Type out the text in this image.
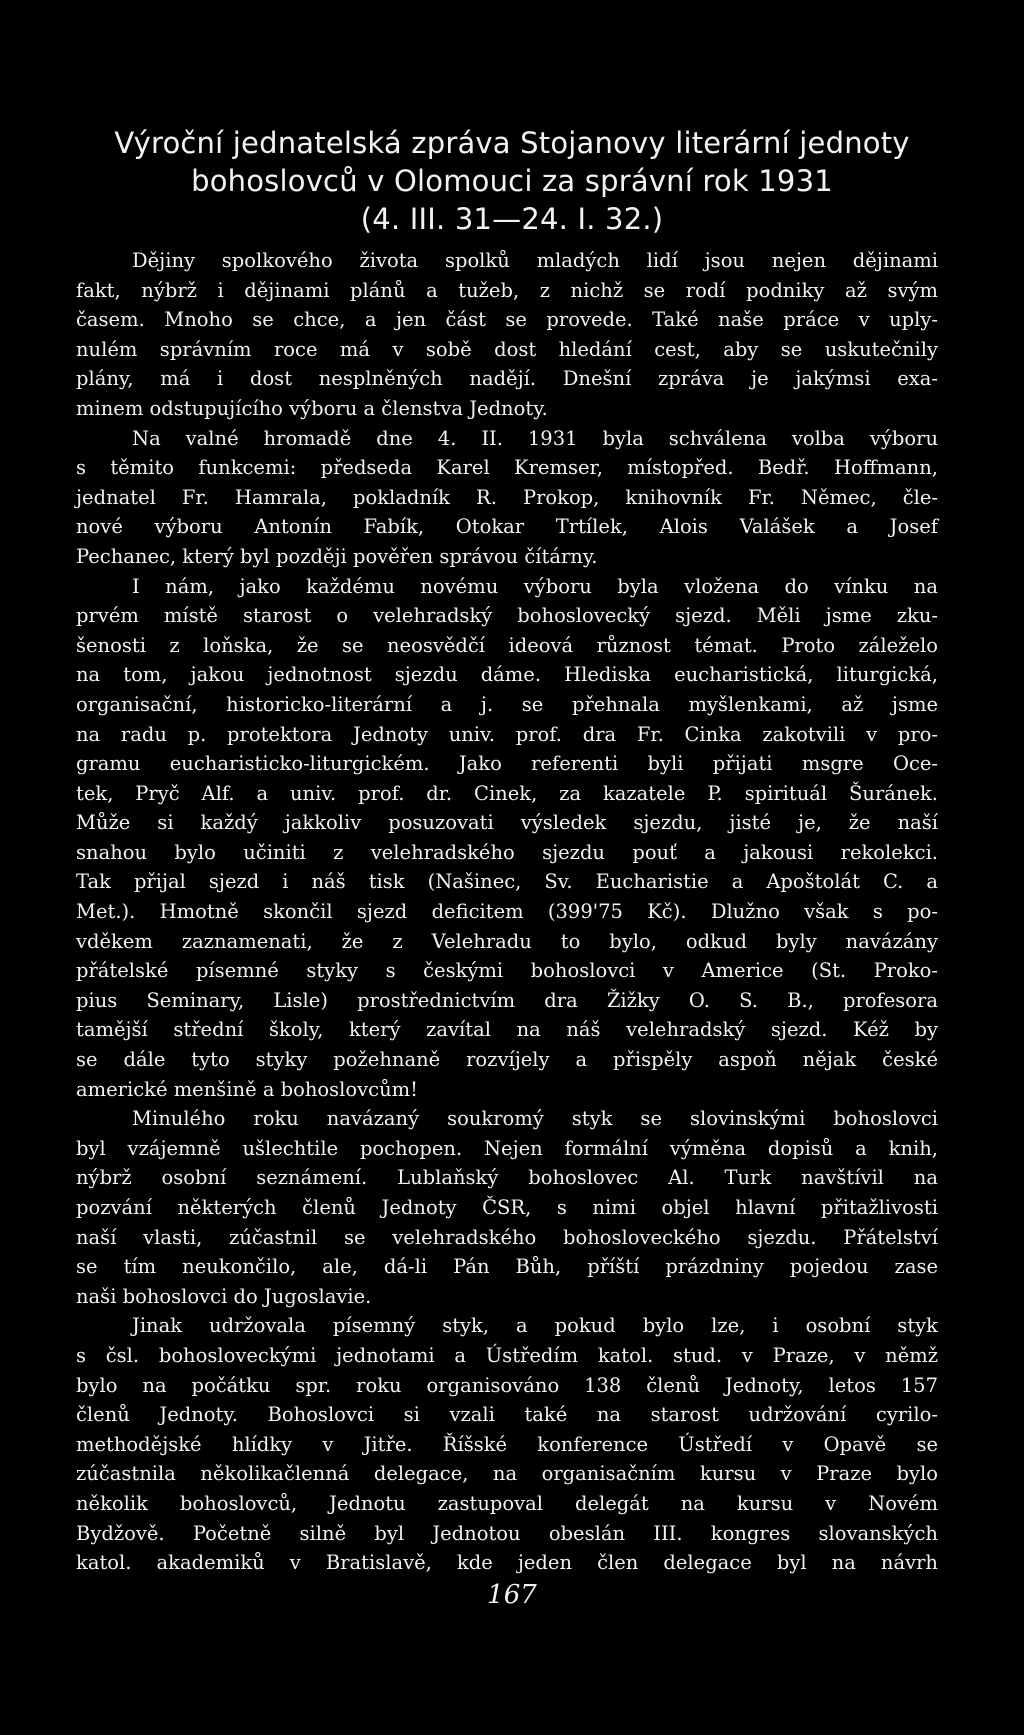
Výroční jednatelská zpráva Stojanovy literární jednoty
bohoslovců v Olomouci za správní rok 1931
(4. III. 31—24. I. 32.)
Dějiny spolkového života spolků mladých lidí jsou nejen dějinami
fakt, nýbrž i dějinami plánů a tužeb, z nichž se rodí podniky až svým
časem. Mnoho se chce, a jen část se provede. Také naše práce v uply-
nulém správním roce má v sobě dost hledání cest, aby se uskutečnily
plány, má i dost nesplněných nadějí. Dnešní zpráva je jakýmsi exa-
minem odstupujícího výboru a členstva Jednoty.
Na valné hromadě dne 4. II. 1931 byla schválena volba výboru
s těmito funkcemi: předseda Karel Kremser, místopřed. Bedř. Hoffmann,
jednatel Fr. Hamrala, pokladník R. Prokop, knihovník Fr. Němec, čle-
nové výboru Antonín Fabík, Otokar Trtílek, Alois Valášek a Josef
Pechanec, který byl později pověřen správou čítárny.
I nám, jako každému novému výboru byla vložena do vínku na
prvém místě starost o velehradský bohoslovecký sjezd. Měli jsme zku-
šenosti z loňska, že se neosvědčí ideová různost témat. Proto záleželo
na tom, jakou jednotnost sjezdu dáme. Hlediska eucharistická, liturgická,
organisační, historicko-literární a j. se přehnala myšlenkami, až jsme
na radu p. protektora Jednoty univ. prof. dra Fr. Cinka zakotvili v pro-
gramu eucharisticko-liturgickém. Jako referenti byli přijati msgre Oce-
tek, Pryč Alf. a univ. prof. dr. Cinek, za kazatele P. spirituál Šuránek.
Může si každý jakkoliv posuzovati výsledek sjezdu, jisté je, že naší
snahou bylo učiniti z velehradského sjezdu pouť a jakousi rekolekci.
Tak přijal sjezd i náš tisk (Našinec, Sv. Eucharistie a Apoštolát C. a
Met.). Hmotně skončil sjezd deficitem (399'75 Kč). Dlužno však s po-
vděkem zaznamenati, že z Velehradu to bylo, odkud byly navázány
přátelské písemné styky s českými bohoslovci v Americe (St. Proko-
pius Seminary, Lisle) prostřednictvím dra Žižky O. S. B., profesora
tamější střední školy, který zavítal na náš velehradský sjezd. Kéž by
se dále tyto styky požehnaně rozvíjely a přispěly aspoň nějak české
americké menšině a bohoslovcům!
Minulého roku navázaný soukromý styk se slovinskými bohoslovci
byl vzájemně ušlechtile pochopen. Nejen formální výměna dopisů a knih,
nýbrž osobní seznámení. Lublaňský bohoslovec Al. Turk navštívil na
pozvání některých členů Jednoty ČSR, s nimi objel hlavní přitažlivosti
naší vlasti, zúčastnil se velehradského bohosloveckého sjezdu. Přátelství
se tím neukončilo, ale, dá-li Pán Bůh, příští prázdniny pojedou zase
naši bohoslovci do Jugoslavie.
Jinak udržovala písemný styk, a pokud bylo lze, i osobní styk
s čsl. bohosloveckými jednotami a Ústředím katol. stud. v Praze, v němž
bylo na počátku spr. roku organisováno 138 členů Jednoty, letos 157
členů Jednoty. Bohoslovci si vzali také na starost udržování cyrilo-
methodějské hlídky v Jitře. Říšské konference Ústředí v Opavě se
zúčastnila několikačlenná delegace, na organisačním kursu v Praze bylo
několik bohoslovců, Jednotu zastupoval delegát na kursu v Novém
Bydžově. Početně silně byl Jednotou obeslán III. kongres slovanských
katol. akademiků v Bratislavě, kde jeden člen delegace byl na návrh
167
